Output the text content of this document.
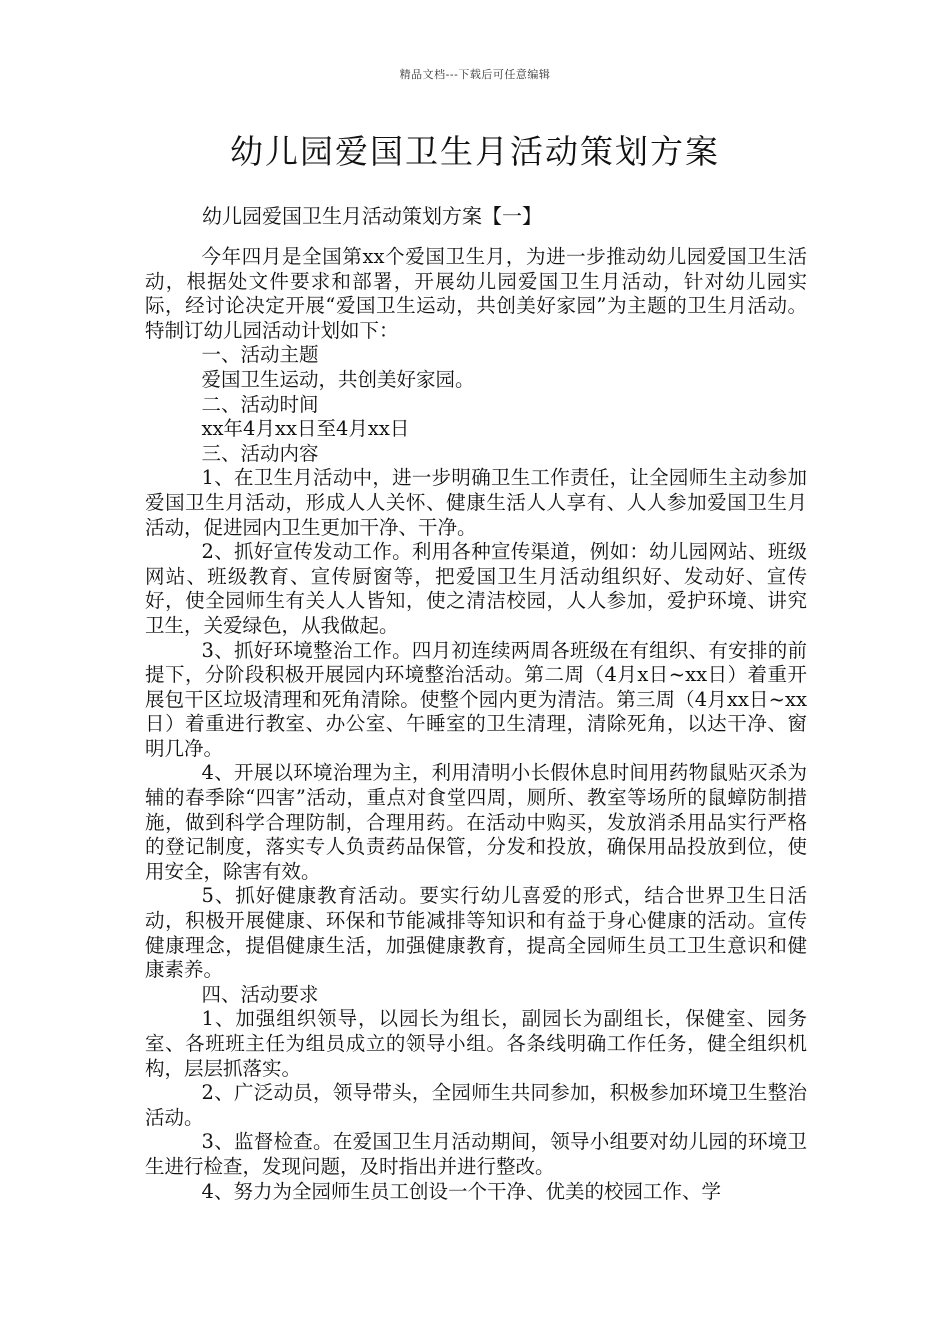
精品文档---下载后可任意编辑
幼儿园爱国卫生月活动策划方案
幼儿园爱国卫生月活动策划方案【一】

今年四月是全国第xx个爱国卫生月，为进一步推动幼儿园爱国卫生活动，根据处文件要求和部署，开展幼儿园爱国卫生月活动，针对幼儿园实际，经讨论决定开展“爱国卫生运动，共创美好家园”为主题的卫生月活动。特制订幼儿园活动计划如下：

一、活动主题

爱国卫生运动，共创美好家园。

二、活动时间

xx年4月xx日至4月xx日

三、活动内容

1、在卫生月活动中，进一步明确卫生工作责任，让全园师生主动参加爱国卫生月活动，形成人人关怀、健康生活人人享有、人人参加爱国卫生月活动，促进园内卫生更加干净、干净。

2、抓好宣传发动工作。利用各种宣传渠道，例如：幼儿园网站、班级网站、班级教育、宣传厨窗等，把爱国卫生月活动组织好、发动好、宣传好，使全园师生有关人人皆知，使之清洁校园，人人参加，爱护环境、讲究卫生，关爱绿色，从我做起。

3、抓好环境整治工作。四月初连续两周各班级在有组织、有安排的前提下，分阶段积极开展园内环境整治活动。第二周（4月x日~xx日）着重开展包干区垃圾清理和死角清除。使整个园内更为清洁。第三周（4月xx日~xx日）着重进行教室、办公室、午睡室的卫生清理，清除死角，以达干净、窗明几净。

4、开展以环境治理为主，利用清明小长假休息时间用药物鼠贴灭杀为辅的春季除“四害”活动，重点对食堂四周，厕所、教室等场所的鼠蟑防制措施，做到科学合理防制，合理用药。在活动中购买，发放消杀用品实行严格的登记制度，落实专人负责药品保管，分发和投放，确保用品投放到位，使用安全，除害有效。

5、抓好健康教育活动。要实行幼儿喜爱的形式，结合世界卫生日活动，积极开展健康、环保和节能减排等知识和有益于身心健康的活动。宣传健康理念，提倡健康生活，加强健康教育，提高全园师生员工卫生意识和健康素养。

四、活动要求

1、加强组织领导，以园长为组长，副园长为副组长，保健室、园务室、各班班主任为组员成立的领导小组。各条线明确工作任务，健全组织机构，层层抓落实。

2、广泛动员，领导带头，全园师生共同参加，积极参加环境卫生整治活动。

3、监督检查。在爱国卫生月活动期间，领导小组要对幼儿园的环境卫生进行检查，发现问题，及时指出并进行整改。

4、努力为全园师生员工创设一个干净、优美的校园工作、学
